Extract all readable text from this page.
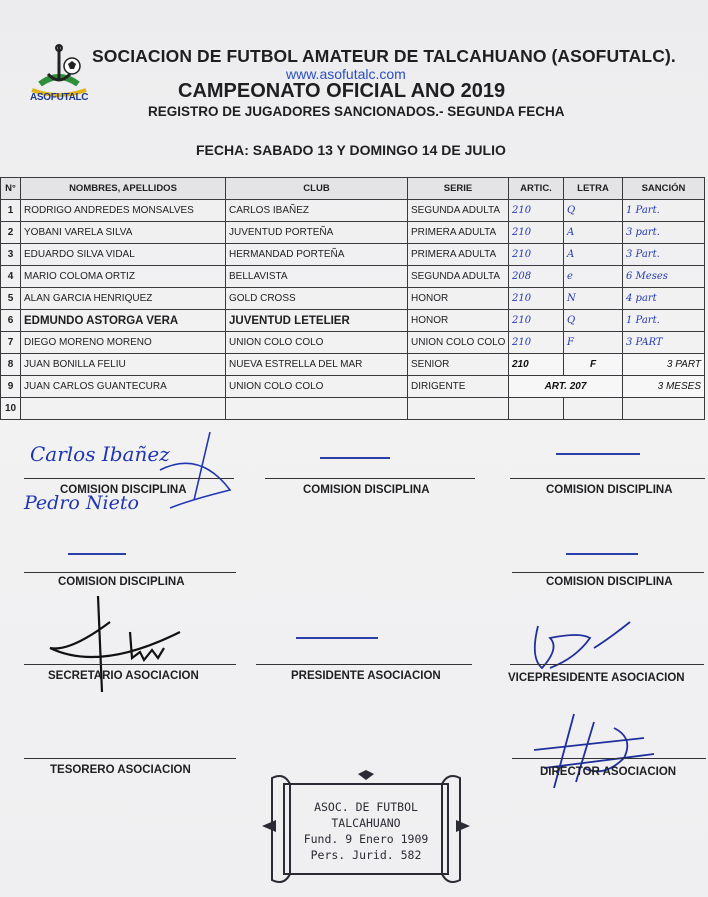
ASOFUTALC
SOCIACION DE FUTBOL AMATEUR DE TALCAHUANO (ASOFUTALC).
www.asofutalc.com
CAMPEONATO OFICIAL ANO 2019
REGISTRO DE JUGADORES SANCIONADOS.- SEGUNDA FECHA
FECHA: SABADO 13 Y DOMINGO 14 DE JULIO
N°	NOMBRES, APELLIDOS	CLUB	SERIE	ARTIC.	LETRA	SANCIÓN
1	RODRIGO ANDREDES MONSALVES	CARLOS IBAÑEZ	SEGUNDA ADULTA	210	Q	1 Part.
2	YOBANI VARELA SILVA	JUVENTUD PORTEÑA	PRIMERA ADULTA	210	A	3 part.
3	EDUARDO SILVA VIDAL	HERMANDAD PORTEÑA	PRIMERA ADULTA	210	A	3 Part.
4	MARIO COLOMA ORTIZ	BELLAVISTA	SEGUNDA ADULTA	208	e	6 Meses
5	ALAN GARCIA HENRIQUEZ	GOLD CROSS	HONOR	210	N	4 part
6	EDMUNDO ASTORGA VERA	JUVENTUD LETELIER	HONOR	210	Q	1 Part.
7	DIEGO MORENO MORENO	UNION COLO COLO	UNION COLO COLO	210	F	3 PART
8	JUAN BONILLA FELIU	NUEVA ESTRELLA DEL MAR	SENIOR	210	F	3 PART
9	JUAN CARLOS GUANTECURA	UNION COLO COLO	DIRIGENTE	ART. 207		3 MESES
10						
Carlos Ibañez
Pedro Nieto
COMISION DISCIPLINA	COMISION DISCIPLINA	COMISION DISCIPLINA
COMISION DISCIPLINA	COMISION DISCIPLINA
SECRETARIO ASOCIACION	PRESIDENTE ASOCIACION	VICEPRESIDENTE ASOCIACION
TESORERO ASOCIACION	DIRECTOR ASOCIACION
ASOC. DE FUTBOL
TALCAHUANO
Fund. 9 Enero 1909
Pers. Jurid. 582
